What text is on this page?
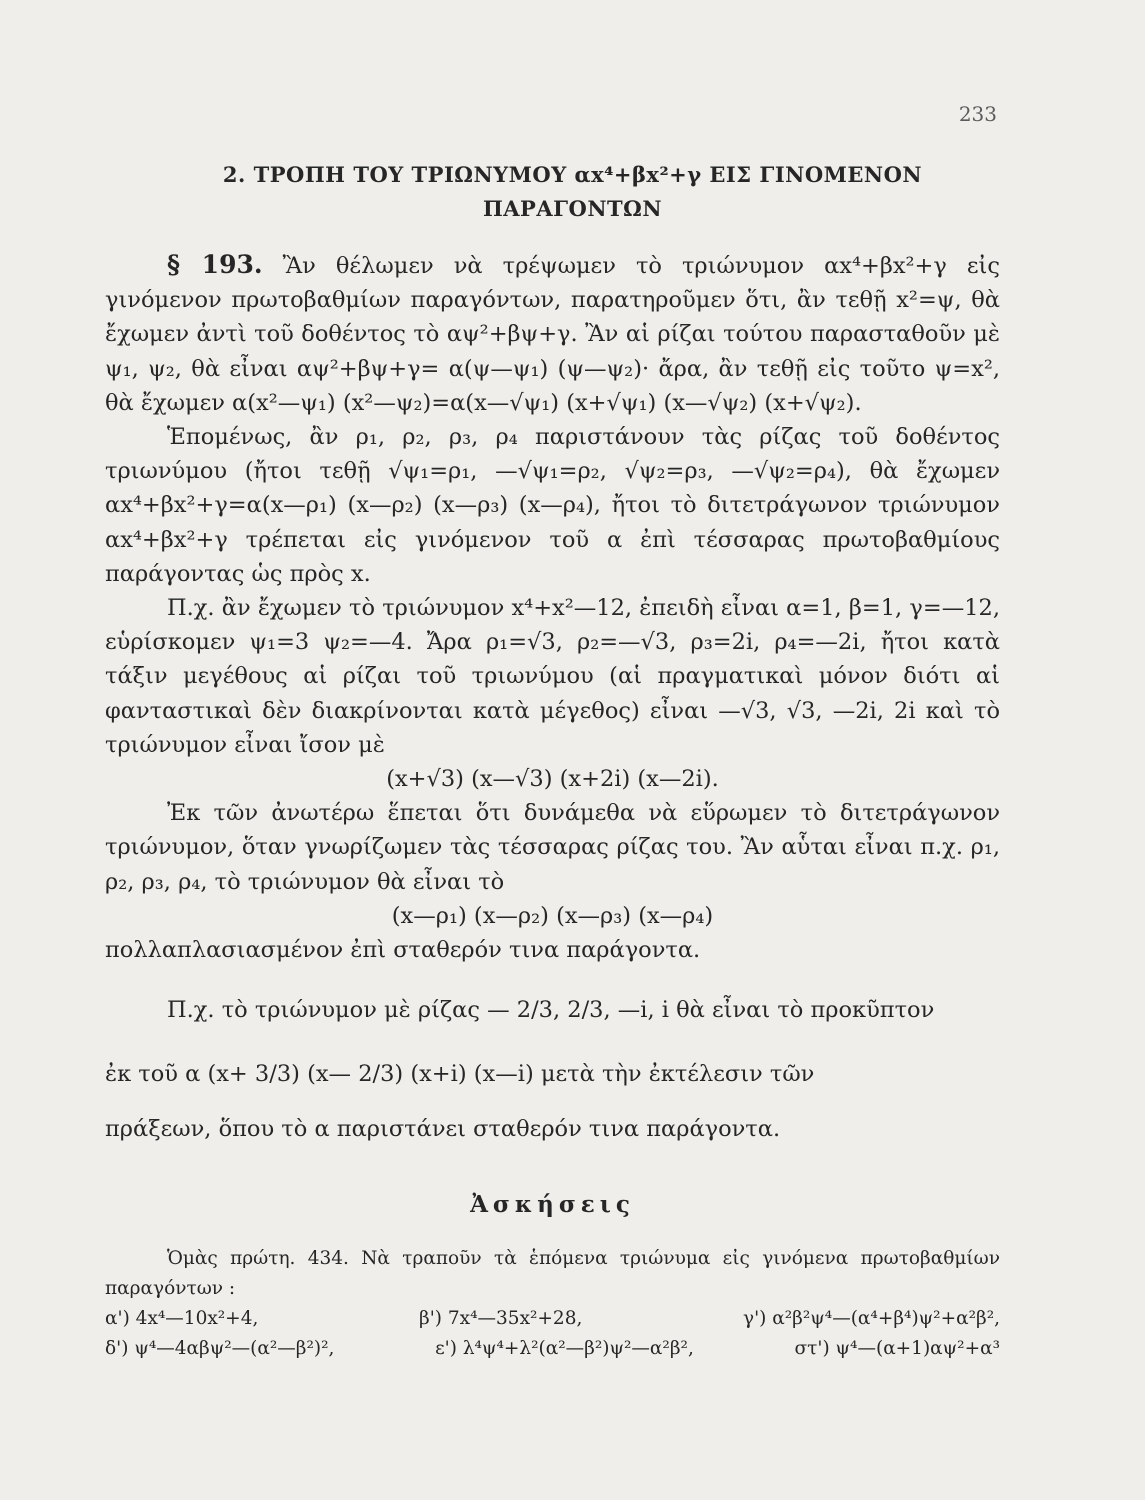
233
2. ΤΡΟΠΗ ΤΟΥ ΤΡΙΩΝΥΜΟΥ αx⁴+βx²+γ ΕΙΣ ΓΙΝΟΜΕΝΟΝ
ΠΑΡΑΓΟΝΤΩΝ

§ 193. Ἂν θέλωμεν νὰ τρέψωμεν τὸ τριώνυμον αx⁴+βx²+γ εἰς γινόμενον πρωτοβαθμίων παραγόντων, παρατηροῦμεν ὅτι, ἂν τεθῇ x²=ψ, θὰ ἔχωμεν ἀντὶ τοῦ δοθέντος τὸ αψ²+βψ+γ. Ἂν αἱ ρίζαι τούτου παρασταθοῦν μὲ ψ₁, ψ₂, θὰ εἶναι αψ²+βψ+γ= α(ψ—ψ₁) (ψ—ψ₂)· ἄρα, ἂν τεθῇ εἰς τοῦτο ψ=x², θὰ ἔχωμεν α(x²—ψ₁) (x²—ψ₂)=α(x—√ψ₁) (x+√ψ₁) (x—√ψ₂) (x+√ψ₂).

Ἑπομένως, ἂν ρ₁, ρ₂, ρ₃, ρ₄ παριστάνουν τὰς ρίζας τοῦ δοθέντος τριωνύμου (ἤτοι τεθῇ √ψ₁=ρ₁, —√ψ₁=ρ₂, √ψ₂=ρ₃, —√ψ₂=ρ₄), θὰ ἔχωμεν αx⁴+βx²+γ=α(x—ρ₁) (x—ρ₂) (x—ρ₃) (x—ρ₄), ἤτοι τὸ διτετράγωνον τριώνυμον αx⁴+βx²+γ τρέπεται εἰς γινόμενον τοῦ α ἐπὶ τέσσαρας πρωτοβαθμίους παράγοντας ὡς πρὸς x.

Π.χ. ἂν ἔχωμεν τὸ τριώνυμον x⁴+x²—12, ἐπειδὴ εἶναι α=1, β=1, γ=—12, εὑρίσκομεν ψ₁=3 ψ₂=—4. Ἄρα ρ₁=√3, ρ₂=—√3, ρ₃=2i, ρ₄=—2i, ἤτοι κατὰ τάξιν μεγέθους αἱ ρίζαι τοῦ τριωνύμου (αἱ πραγματικαὶ μόνον διότι αἱ φανταστικαὶ δὲν διακρίνονται κατὰ μέγεθος) εἶναι —√3, √3, —2i, 2i καὶ τὸ τριώνυμον εἶναι ἴσον μὲ

(x+√3) (x—√3) (x+2i) (x—2i).

Ἐκ τῶν ἀνωτέρω ἕπεται ὅτι δυνάμεθα νὰ εὕρωμεν τὸ διτετράγωνον τριώνυμον, ὅταν γνωρίζωμεν τὰς τέσσαρας ρίζας του. Ἂν αὗται εἶναι π.χ. ρ₁, ρ₂, ρ₃, ρ₄, τὸ τριώνυμον θὰ εἶναι τὸ

(x—ρ₁) (x—ρ₂) (x—ρ₃) (x—ρ₄)

πολλαπλασιασμένον ἐπὶ σταθερόν τινα παράγοντα.

Π.χ. τὸ τριώνυμον μὲ ρίζας — 2/3, 2/3, —i, i θὰ εἶναι τὸ προκῦπτον

ἐκ τοῦ α (x+ 3/3) (x— 2/3) (x+i) (x—i) μετὰ τὴν ἐκτέλεσιν τῶν

πράξεων, ὅπου τὸ α παριστάνει σταθερόν τινα παράγοντα.

Ἀσκήσεις

Ὁμὰς πρώτη. 434. Νὰ τραποῦν τὰ ἑπόμενα τριώνυμα εἰς γινόμενα πρωτοβαθμίων παραγόντων :

α') 4x⁴—10x²+4,	β') 7x⁴—35x²+28,	γ') α²β²ψ⁴—(α⁴+β⁴)ψ²+α²β²,
δ') ψ⁴—4αβψ²—(α²—β²)²,	ε') λ⁴ψ⁴+λ²(α²—β²)ψ²—α²β²,	στ') ψ⁴—(α+1)αψ²+α³
